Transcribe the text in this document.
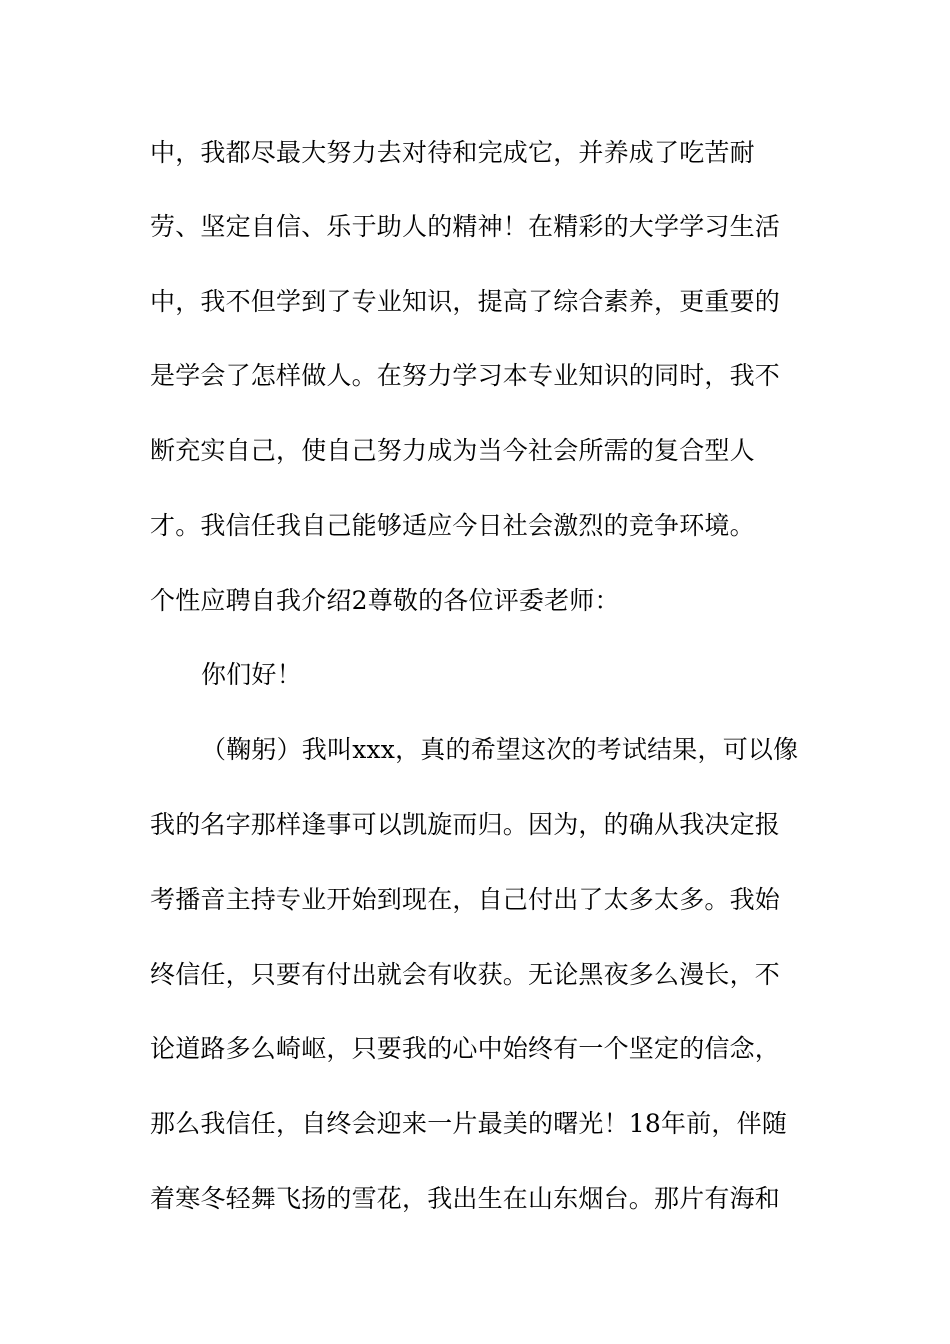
中，我都尽最大努力去对待和完成它，并养成了吃苦耐
劳、坚定自信、乐于助人的精神！在精彩的大学学习生活
中，我不但学到了专业知识，提高了综合素养，更重要的
是学会了怎样做人。在努力学习本专业知识的同时，我不
断充实自己，使自己努力成为当今社会所需的复合型人
才。我信任我自己能够适应今日社会激烈的竞争环境。
个性应聘自我介绍2尊敬的各位评委老师：
你们好！
（鞠躬）我叫xxx，真的希望这次的考试结果，可以像
我的名字那样逢事可以凯旋而归。因为，的确从我决定报
考播音主持专业开始到现在，自己付出了太多太多。我始
终信任，只要有付出就会有收获。无论黑夜多么漫长，不
论道路多么崎岖，只要我的心中始终有一个坚定的信念，
那么我信任，自终会迎来一片最美的曙光！18年前，伴随
着寒冬轻舞飞扬的雪花，我出生在山东烟台。那片有海和
